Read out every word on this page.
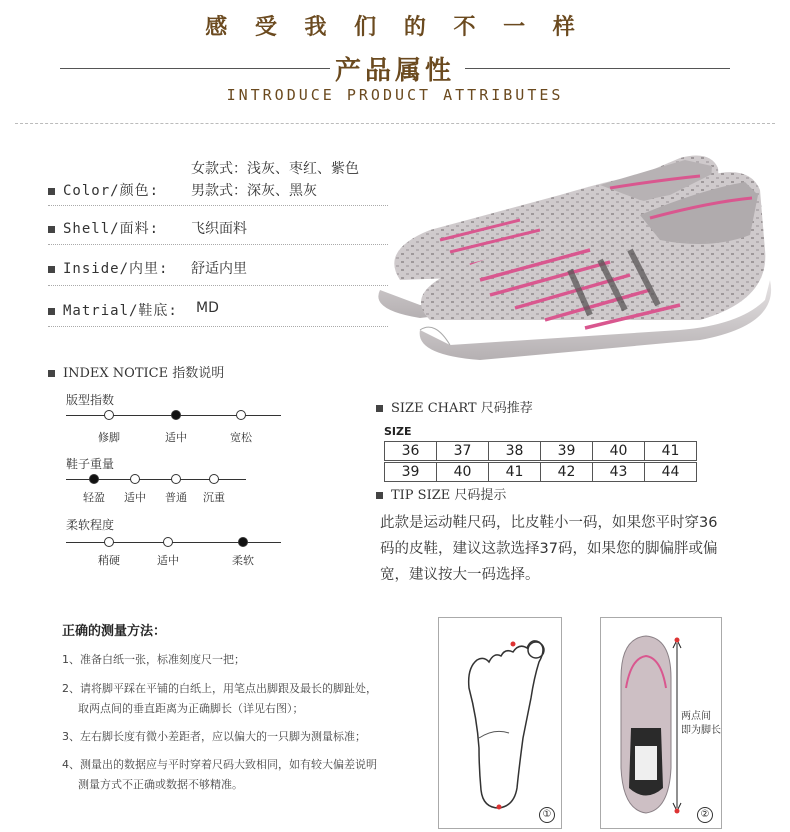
感 受 我 们 的 不 一 样
产品属性
INTRODUCE PRODUCT ATTRIBUTES
女款式：浅灰、枣红、紫色
Color/颜色: 男款式：深灰、黑灰
Shell/面料: 飞织面料
Inside/内里: 舒适内里
Matrial/鞋底: MD

INDEX NOTICE 指数说明
版型指数
修脚	适中	宽松
鞋子重量
轻盈 适中 普通 沉重
柔软程度
稍硬	适中	柔软
SIZE CHART 尺码推荐
SIZE
36	37	38	39	40	41
39	40	41	42	43	44
TIP SIZE 尺码提示
此款是运动鞋尺码，比皮鞋小一码，如果您平时穿36码的皮鞋，建议这款选择37码，如果您的脚偏胖或偏宽，建议按大一码选择。
正确的测量方法：
1、准备白纸一张，标准刻度尺一把；
2、请将脚平踩在平铺的白纸上，用笔点出脚跟及最长的脚趾处，
取两点间的垂直距离为正确脚长（详见右图）；
3、左右脚长度有微小差距者，应以偏大的一只脚为测量标准；
4、测量出的数据应与平时穿着尺码大致相同，如有较大偏差说明
测量方式不正确或数据不够精准。
①
两点间
即为脚长
②
